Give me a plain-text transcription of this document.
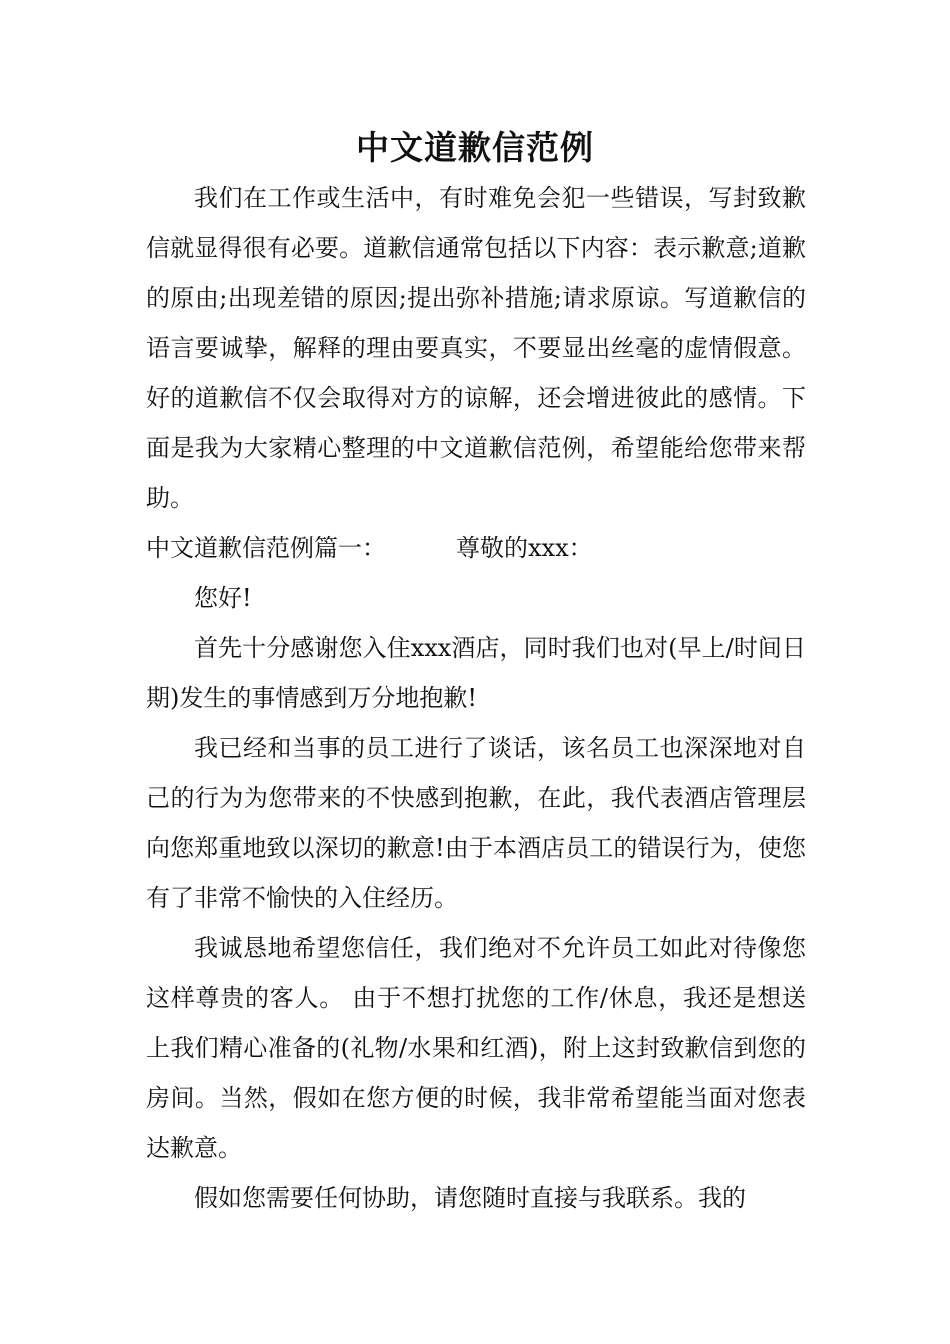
中文道歉信范例

我们在工作或生活中，有时难免会犯一些错误，写封致歉信就显得很有必要。道歉信通常包括以下内容：表示歉意;道歉的原由;出现差错的原因;提出弥补措施;请求原谅。写道歉信的语言要诚挚，解释的理由要真实，不要显出丝毫的虚情假意。好的道歉信不仅会取得对方的谅解，还会增进彼此的感情。下面是我为大家精心整理的中文道歉信范例，希望能给您带来帮助。

中文道歉信范例篇一：	尊敬的xxx：

您好!

首先十分感谢您入住xxx酒店，同时我们也对(早上/时间日期)发生的事情感到万分地抱歉!

我已经和当事的员工进行了谈话，该名员工也深深地对自己的行为为您带来的不快感到抱歉，在此，我代表酒店管理层向您郑重地致以深切的歉意!由于本酒店员工的错误行为，使您有了非常不愉快的入住经历。

我诚恳地希望您信任，我们绝对不允许员工如此对待像您这样尊贵的客人。 由于不想打扰您的工作/休息，我还是想送上我们精心准备的(礼物/水果和红酒)，附上这封致歉信到您的房间。当然，假如在您方便的时候，我非常希望能当面对您表达歉意。

假如您需要任何协助，请您随时直接与我联系。我的
